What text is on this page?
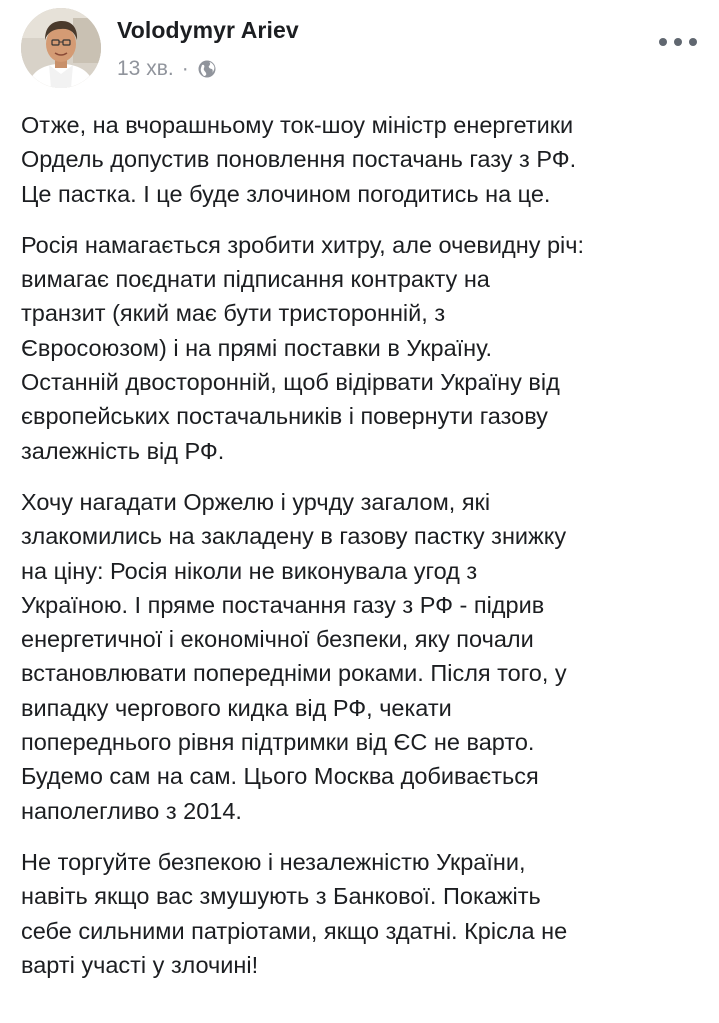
Volodymyr Ariev
13 хв. ·

Отже, на вчорашньому ток-шоу міністр енергетики
Ордель допустив поновлення постачань газу з РФ.
Це пастка. І це буде злочином погодитись на це.

Росія намагається зробити хитру, але очевидну річ:
вимагає поєднати підписання контракту на
транзит (який має бути тристоронній, з
Євросоюзом) і на прямі поставки в Україну.
Останній двосторонній, щоб відірвати Україну від
європейських постачальників і повернути газову
залежність від РФ.

Хочу нагадати Оржелю і урчду загалом, які
злакомились на закладену в газову пастку знижку
на ціну: Росія ніколи не виконувала угод з
Україною. І пряме постачання газу з РФ - підрив
енергетичної і економічної безпеки, яку почали
встановлювати попередніми роками. Після того, у
випадку чергового кидка від РФ, чекати
попереднього рівня підтримки від ЄС не варто.
Будемо сам на сам. Цього Москва добивається
наполегливо з 2014.

Не торгуйте безпекою і незалежністю України,
навіть якщо вас змушують з Банкової. Покажіть
себе сильними патріотами, якщо здатні. Крісла не
варті участі у злочині!
